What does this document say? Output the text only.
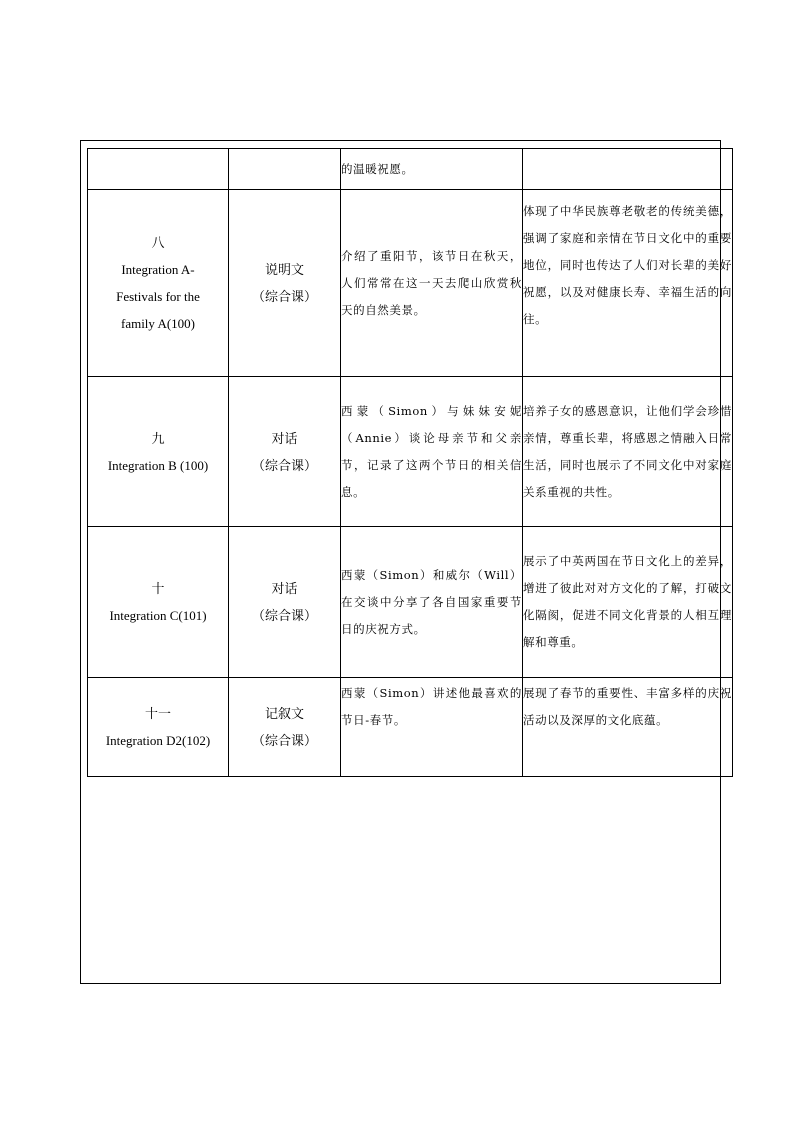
		的温暖祝愿。	

八
Integration A-
Festivals for the
family A(100)	说明文
（综合课）	介绍了重阳节，该节日在秋天，人们常常在这一天去爬山欣赏秋天的自然美景。	体现了中华民族尊老敬老的传统美德，强调了家庭和亲情在节日文化中的重要地位，同时也传达了人们对长辈的美好祝愿，以及对健康长寿、幸福生活的向往。

九
Integration B (100)	对话
（综合课）	西蒙（Simon）与妹妹安妮（Annie）谈论母亲节和父亲节，记录了这两个节日的相关信息。	培养子女的感恩意识，让他们学会珍惜亲情，尊重长辈，将感恩之情融入日常生活，同时也展示了不同文化中对家庭关系重视的共性。

十
Integration C(101)	对话
（综合课）	西蒙（Simon）和威尔（Will）在交谈中分享了各自国家重要节日的庆祝方式。	展示了中英两国在节日文化上的差异，增进了彼此对对方文化的了解，打破文化隔阂，促进不同文化背景的人相互理解和尊重。

十一
Integration D2(102)	记叙文
（综合课）	西蒙（Simon）讲述他最喜欢的节日-春节。	展现了春节的重要性、丰富多样的庆祝活动以及深厚的文化底蕴。
